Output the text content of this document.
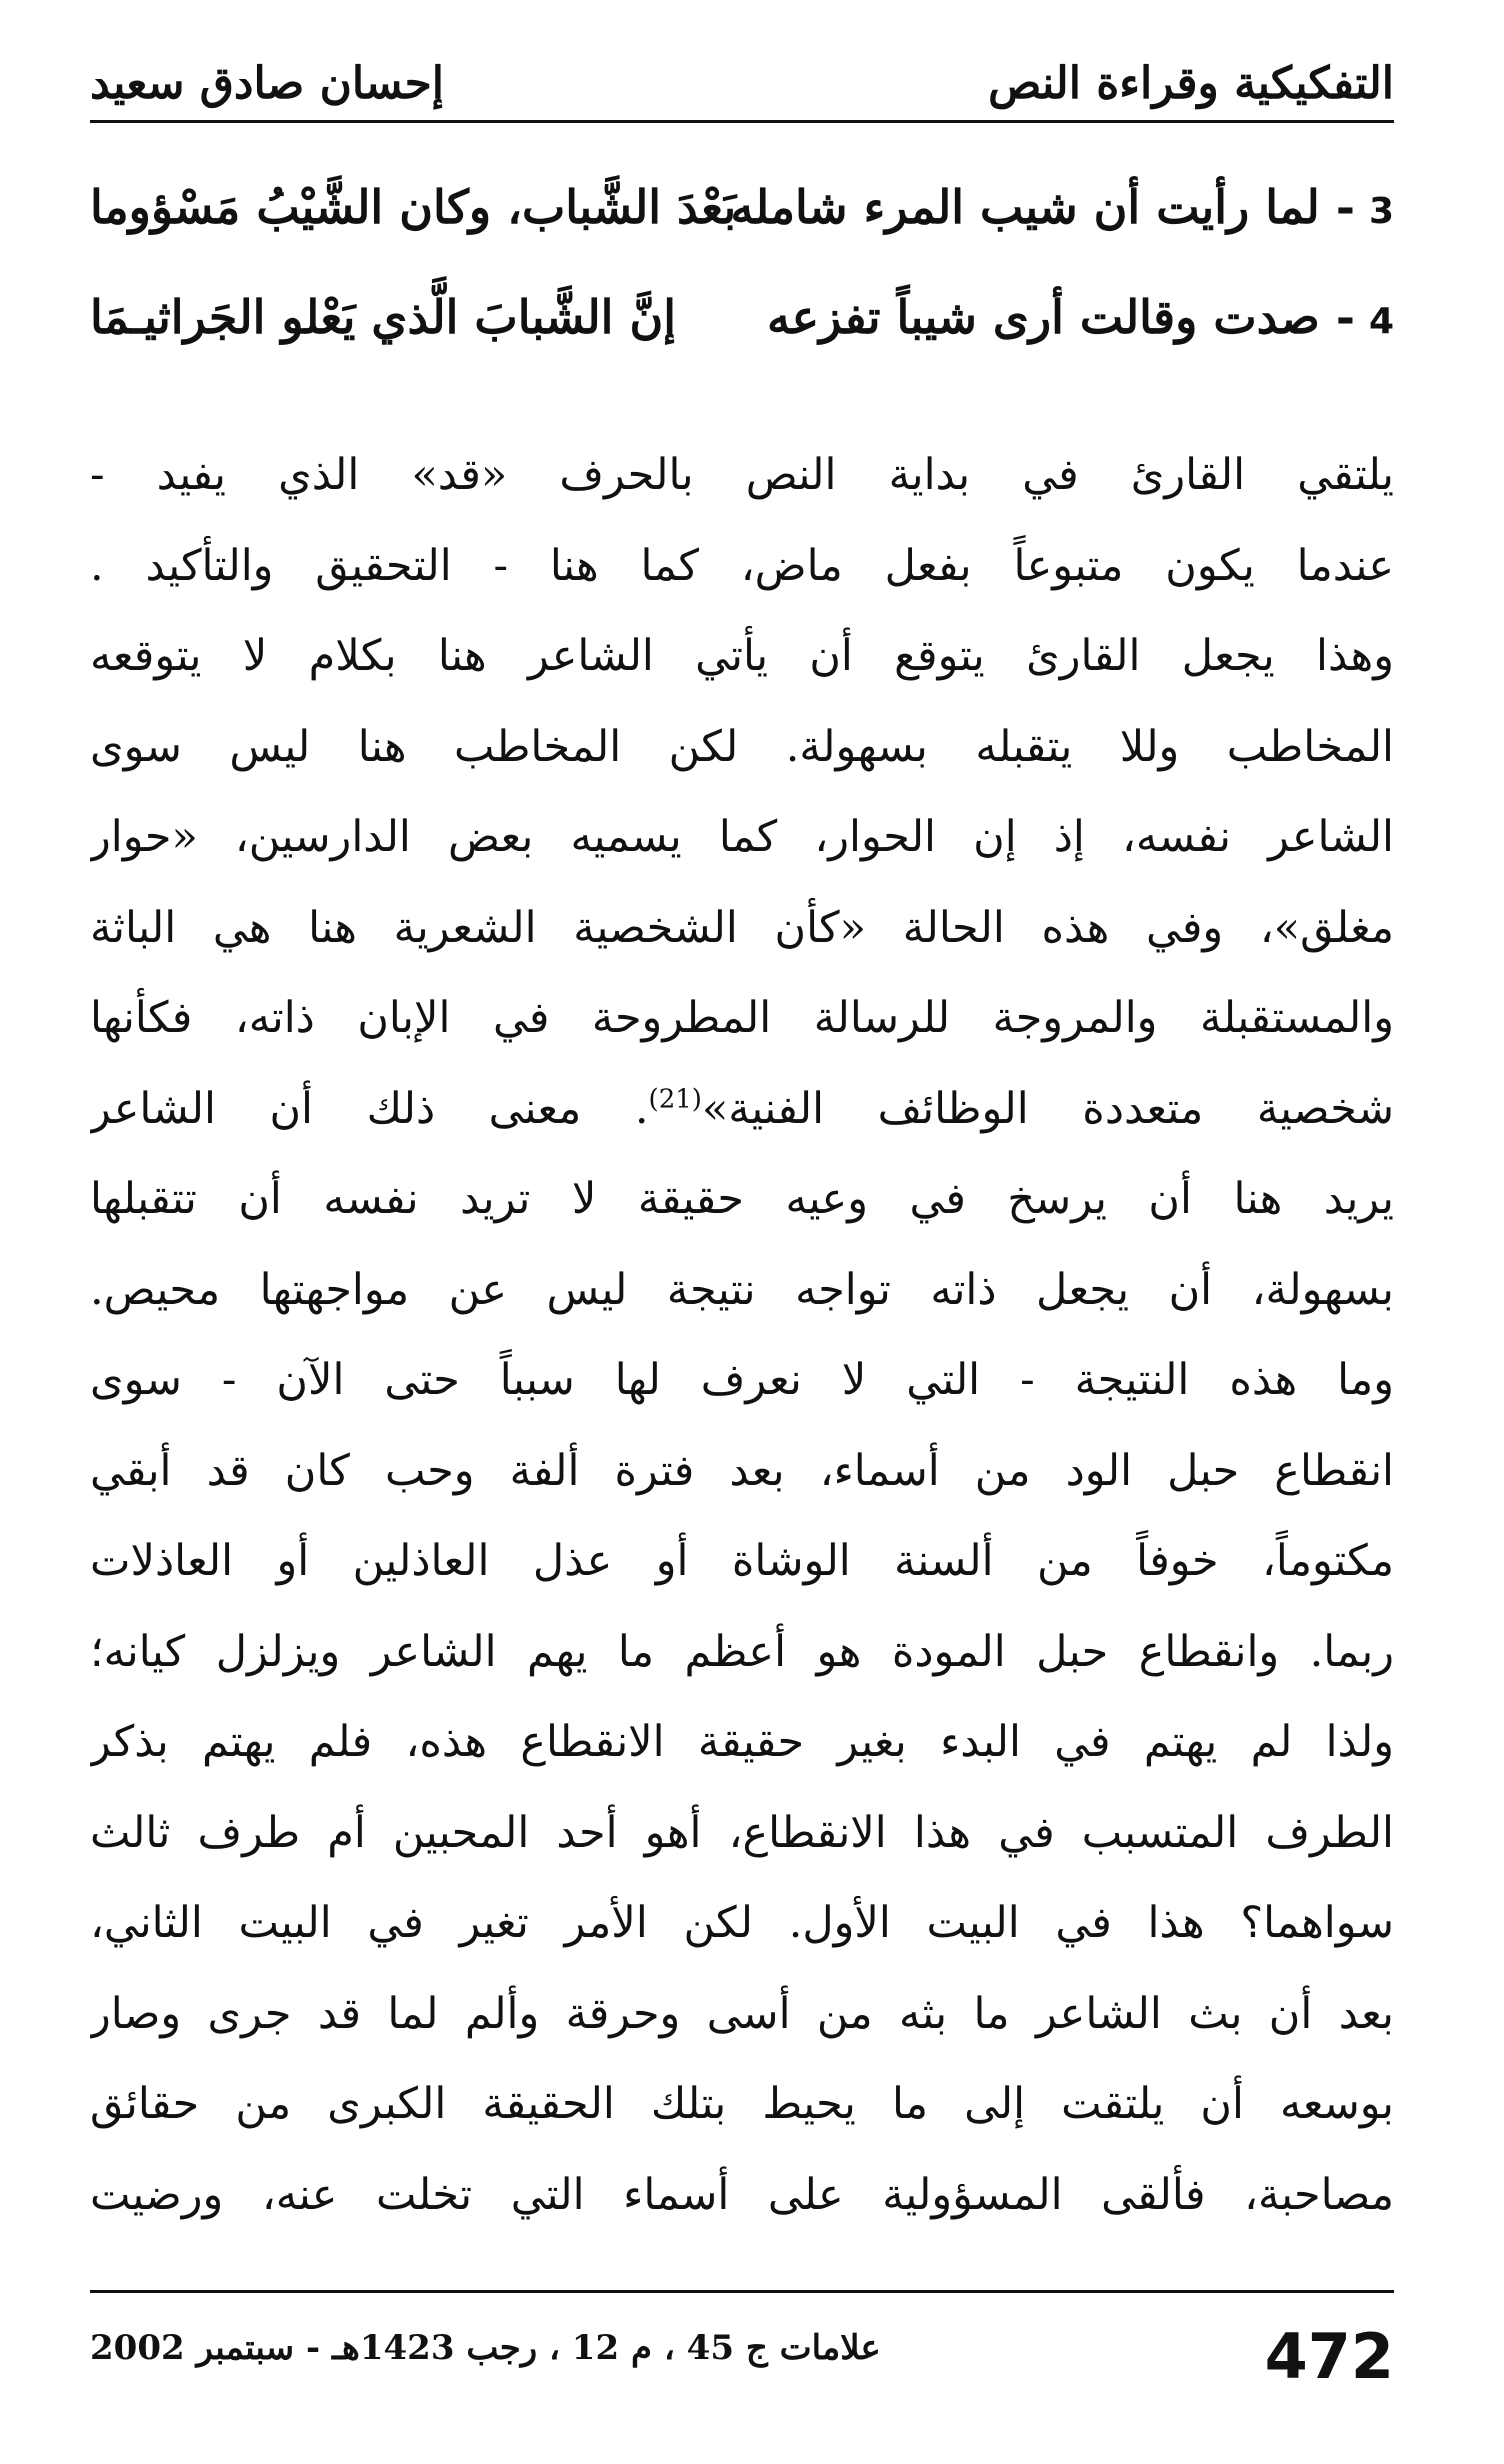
التفكيكية وقراءة النص
إحسان صادق سعيد
3- لما رأيت أن شيب المرء شامله
بَعْدَ الشَّباب، وكان الشَّيْبُ مَسْؤوما
4- صدت وقالت أرى شيباً تفزعه
إنَّ الشَّبابَ الَّذي يَعْلو الجَراثيـمَا
يلتقي القارئ في بداية النص بالحرف «قد» الذي يفيد -
عندما يكون متبوعاً بفعل ماض، كما هنا - التحقيق والتأكيد .
وهذا يجعل القارئ يتوقع أن يأتي الشاعر هنا بكلام لا يتوقعه
المخاطب وللا يتقبله بسهولة. لكن المخاطب هنا ليس سوى
الشاعر نفسه، إذ إن الحوار، كما يسميه بعض الدارسين، «حوار
مغلق»، وفي هذه الحالة «كأن الشخصية الشعرية هنا هي الباثة
والمستقبلة والمروجة للرسالة المطروحة في الإبان ذاته، فكأنها
شخصية متعددة الوظائف الفنية»$^{(21)}$. معنى ذلك أن الشاعر
يريد هنا أن يرسخ في وعيه حقيقة لا تريد نفسه أن تتقبلها
بسهولة، أن يجعل ذاته تواجه نتيجة ليس عن مواجهتها محيص.
وما هذه النتيجة - التي لا نعرف لها سبباً حتى الآن - سوى
انقطاع حبل الود من أسماء، بعد فترة ألفة وحب كان قد أبقي
مكتوماً، خوفاً من ألسنة الوشاة أو عذل العاذلين أو العاذلات
ربما. وانقطاع حبل المودة هو أعظم ما يهم الشاعر ويزلزل كيانه؛
ولذا لم يهتم في البدء بغير حقيقة الانقطاع هذه، فلم يهتم بذكر
الطرف المتسبب في هذا الانقطاع، أهو أحد المحبين أم طرف ثالث
سواهما؟ هذا في البيت الأول. لكن الأمر تغير في البيت الثاني،
بعد أن بث الشاعر ما بثه من أسى وحرقة وألم لما قد جرى وصار
بوسعه أن يلتقت إلى ما يحيط بتلك الحقيقة الكبرى من حقائق
مصاحبة، فألقى المسؤولية على أسماء التي تخلت عنه، ورضيت
472
علامات ج 45 ، م 12 ، رجب 1423هـ - سبتمبر 2002
